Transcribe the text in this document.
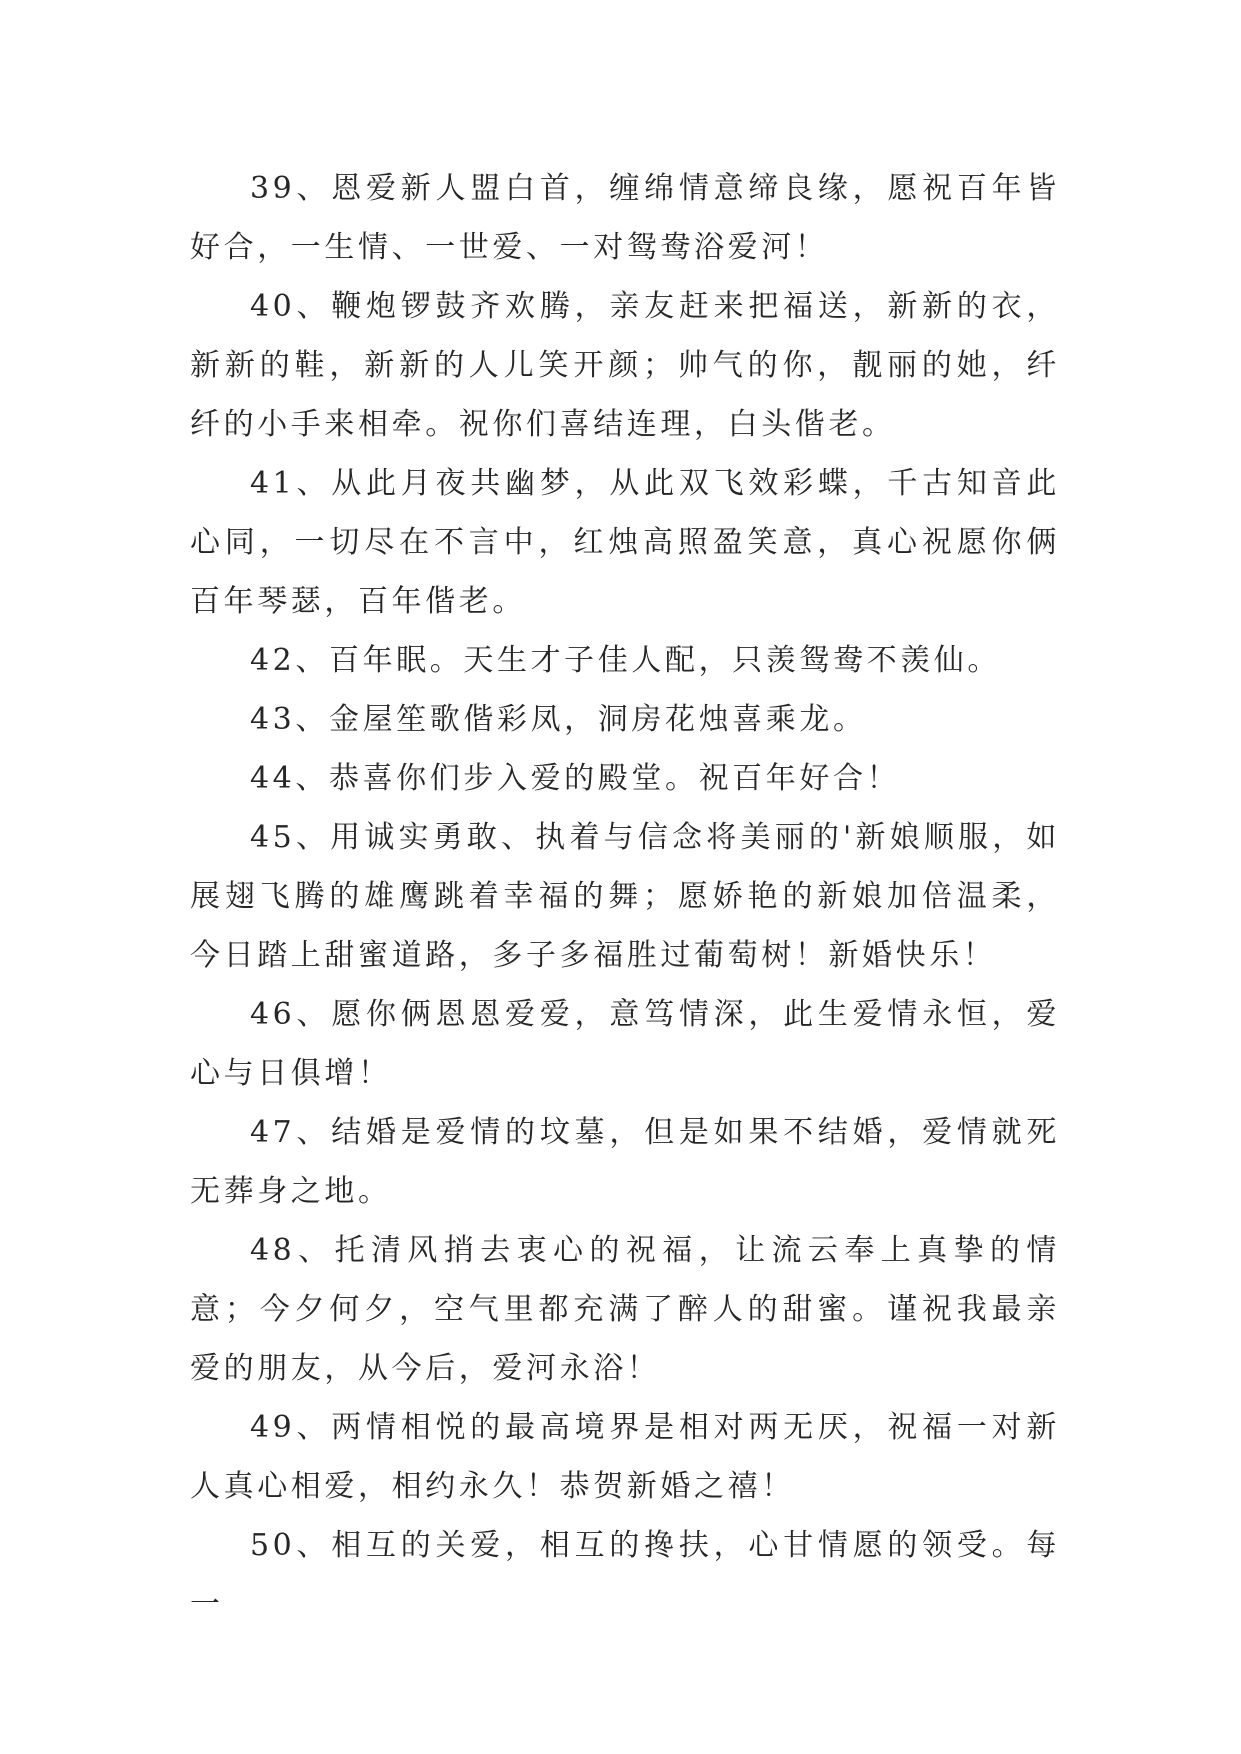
39、恩爱新人盟白首，缠绵情意缔良缘，愿祝百年皆好合，一生情、一世爱、一对鸳鸯浴爱河！

40、鞭炮锣鼓齐欢腾，亲友赶来把福送，新新的衣，新新的鞋，新新的人儿笑开颜；帅气的你，靓丽的她，纤纤的小手来相牵。祝你们喜结连理，白头偕老。

41、从此月夜共幽梦，从此双飞效彩蝶，千古知音此心同，一切尽在不言中，红烛高照盈笑意，真心祝愿你俩百年琴瑟，百年偕老。

42、百年眠。天生才子佳人配，只羡鸳鸯不羡仙。

43、金屋笙歌偕彩凤，洞房花烛喜乘龙。

44、恭喜你们步入爱的殿堂。祝百年好合！

45、用诚实勇敢、执着与信念将美丽的'新娘顺服，如展翅飞腾的雄鹰跳着幸福的舞；愿娇艳的新娘加倍温柔，今日踏上甜蜜道路，多子多福胜过葡萄树！新婚快乐！

46、愿你俩恩恩爱爱，意笃情深，此生爱情永恒，爱心与日俱增！

47、结婚是爱情的坟墓，但是如果不结婚，爱情就死无葬身之地。

48、托清风捎去衷心的祝福，让流云奉上真挚的情意；今夕何夕，空气里都充满了醉人的甜蜜。谨祝我最亲爱的朋友，从今后，爱河永浴！

49、两情相悦的最高境界是相对两无厌，祝福一对新人真心相爱，相约永久！恭贺新婚之禧！

50、相互的关爱，相互的搀扶，心甘情愿的领受。每一
